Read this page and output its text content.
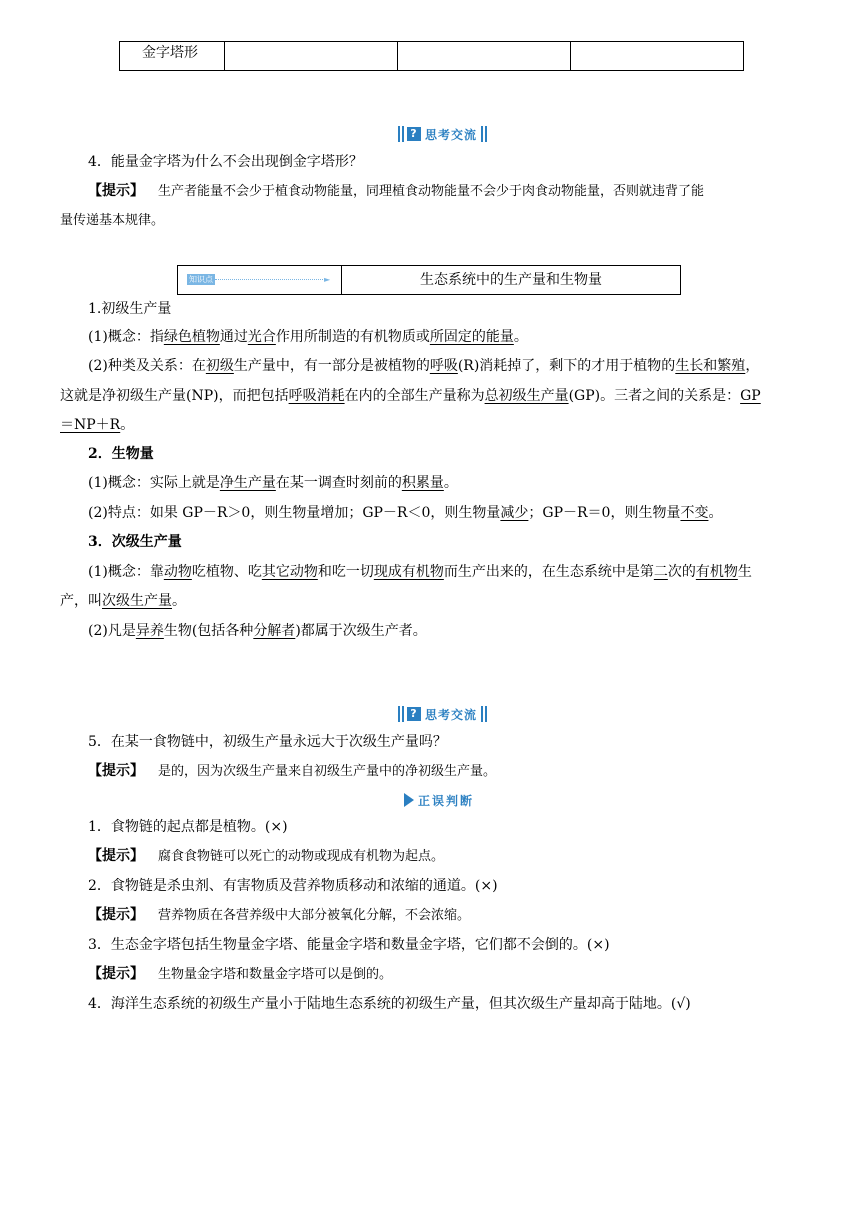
金字塔形			
? 思考交流
4．能量金字塔为什么不会出现倒金字塔形？
【提示】 生产者能量不会少于植食动物能量，同理植食动物能量不会少于肉食动物能量，否则就违背了能
量传递基本规律。
知识点5
►	生态系统中的生产量和生物量
1.初级生产量
(1)概念：指绿色植物通过光合作用所制造的有机物质或所固定的能量。
(2)种类及关系：在初级生产量中，有一部分是被植物的呼吸(R)消耗掉了，剩下的才用于植物的生长和繁殖，
这就是净初级生产量(NP)，而把包括呼吸消耗在内的全部生产量称为总初级生产量(GP)。三者之间的关系是：GP
＝NP＋R。
2．生物量
(1)概念：实际上就是净生产量在某一调查时刻前的积累量。
(2)特点：如果 GP－R＞0，则生物量增加；GP－R＜0，则生物量减少；GP－R＝0，则生物量不变。
3．次级生产量
(1)概念：靠动物吃植物、吃其它动物和吃一切现成有机物而生产出来的，在生态系统中是第二次的有机物生
产，叫次级生产量。
(2)凡是异养生物(包括各种分解者)都属于次级生产者。
? 思考交流
5．在某一食物链中，初级生产量永远大于次级生产量吗？
【提示】 是的，因为次级生产量来自初级生产量中的净初级生产量。
正误判断
1．食物链的起点都是植物。(×)
【提示】 腐食食物链可以死亡的动物或现成有机物为起点。
2．食物链是杀虫剂、有害物质及营养物质移动和浓缩的通道。(×)
【提示】 营养物质在各营养级中大部分被氧化分解，不会浓缩。
3．生态金字塔包括生物量金字塔、能量金字塔和数量金字塔，它们都不会倒的。(×)
【提示】 生物量金字塔和数量金字塔可以是倒的。
4．海洋生态系统的初级生产量小于陆地生态系统的初级生产量，但其次级生产量却高于陆地。(√)
